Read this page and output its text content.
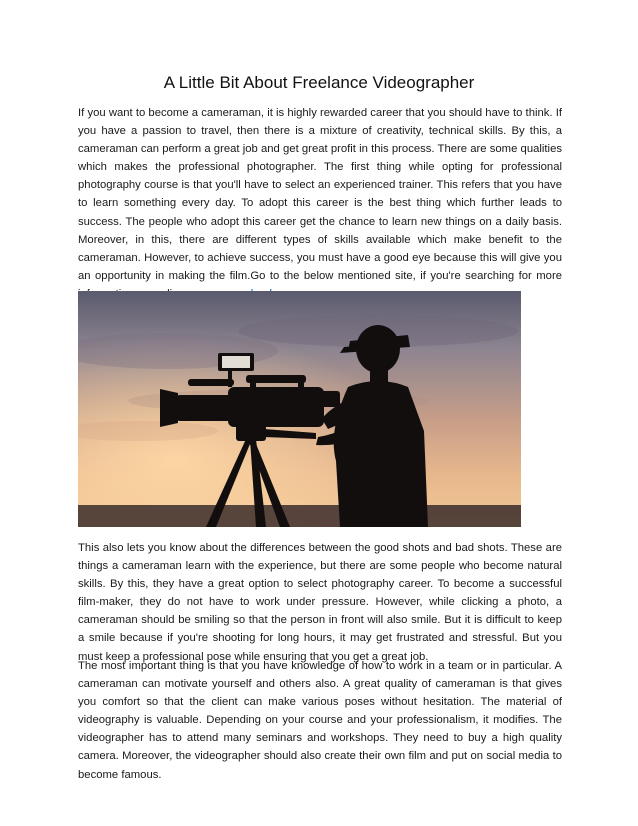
A Little Bit About Freelance Videographer

If you want to become a cameraman, it is highly rewarded career that you should have to think. If you have a passion to travel, then there is a mixture of creativity, technical skills. By this, a cameraman can perform a great job and get great profit in this process. There are some qualities which makes the professional photographer. The first thing while opting for professional photography course is that you'll have to select an experienced trainer. This refers that you have to learn something every day. To adopt this career is the best thing which further leads to success. The people who adopt this career get the chance to learn new things on a daily basis. Moreover, in this, there are different types of skills available which make benefit to the cameraman. However, to achieve success, you must have a good eye because this will give you an opportunity in making the film.Go to the below mentioned site, if you're searching for more

This also lets you know about the differences between the good shots and bad shots. These are things a cameraman learn with the experience, but there are some people who become natural skills. By this, they have a great option to select photography career. To become a successful film-maker, they do not have to work under pressure. However, while clicking a photo, a cameraman should be smiling so that the person in front will also smile. But it is difficult to keep a smile because if you're shooting for long hours, it may get frustrated and stressful. But you must keep a professional pose while ensuring that you get a great job.

The most important thing is that you have knowledge of how to work in a team or in particular. A cameraman can motivate yourself and others also. A great quality of cameraman is that gives you comfort so that the client can make various poses without hesitation. The material of videography is valuable. Depending on your course and your professionalism, it modifies. The videographer has to attend many seminars and workshops. They need to buy a high quality camera. Moreover, the videographer should also create their own film and put on social media to become famous.
